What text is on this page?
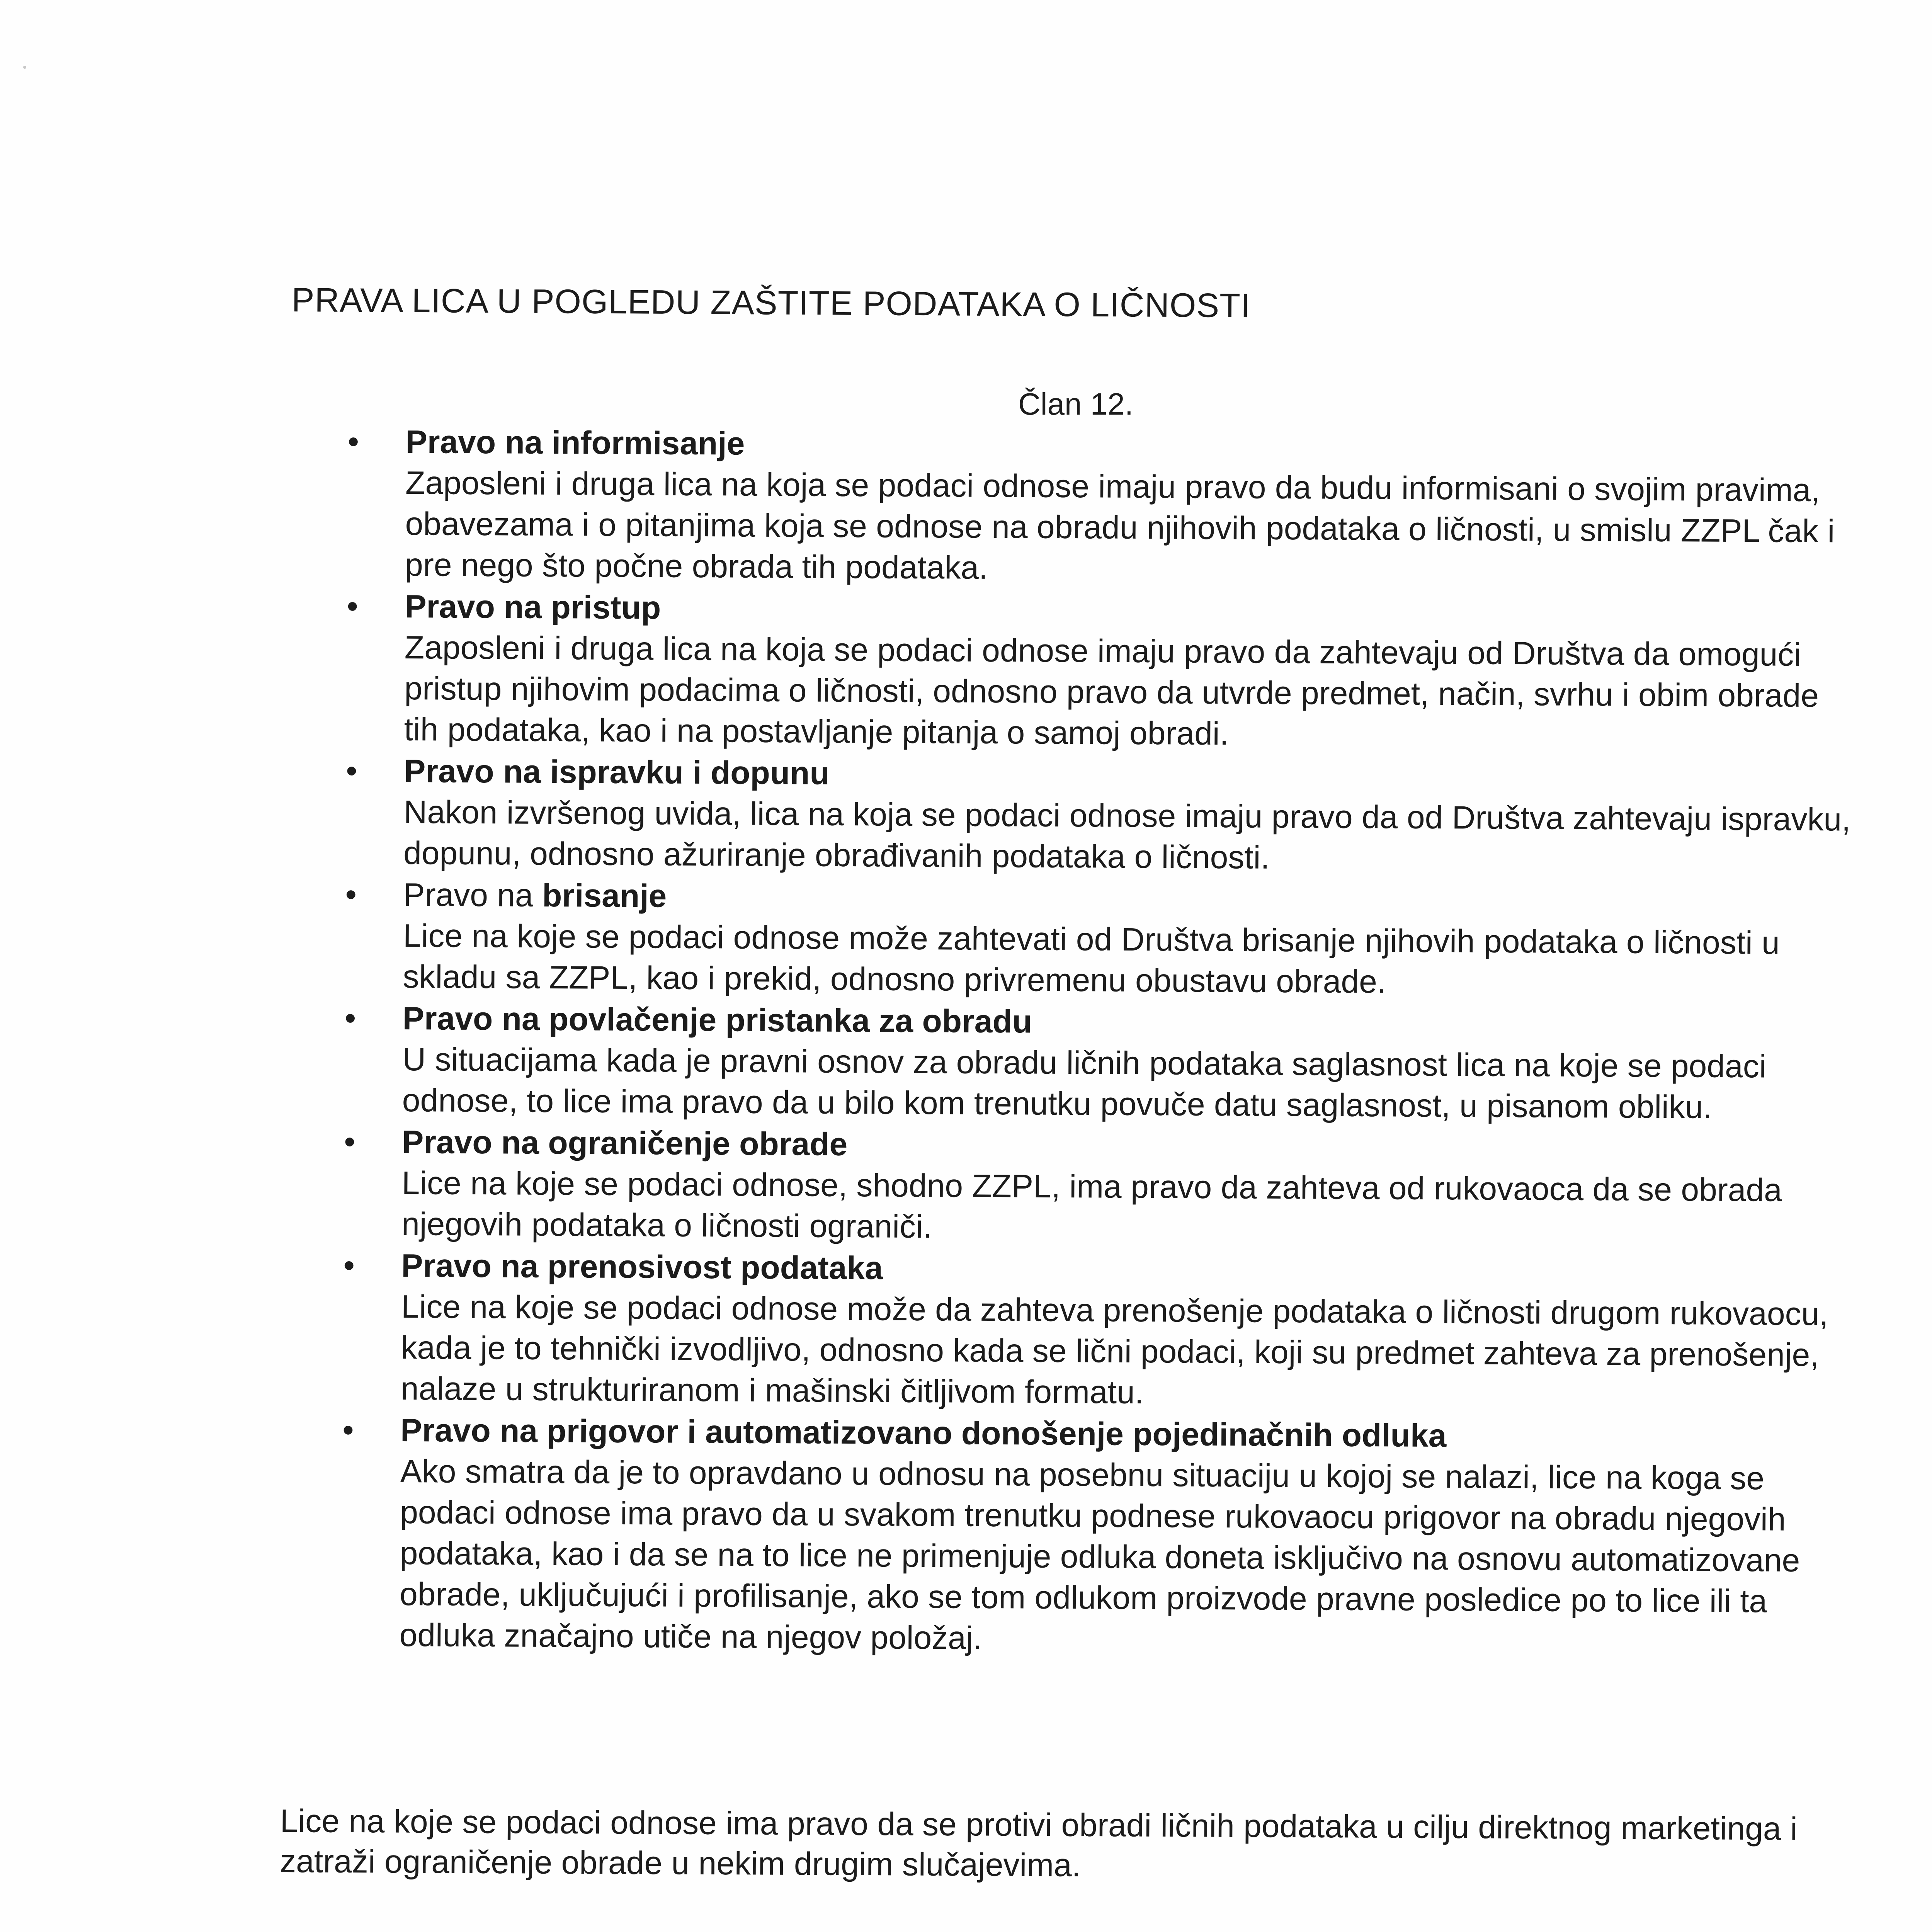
PRAVA LICA U POGLEDU ZAŠTITE PODATAKA O LIČNOSTI
Član 12.
• Pravo na informisanje
Zaposleni i druga lica na koja se podaci odnose imaju pravo da budu informisani o svojim pravima, obavezama i o pitanjima koja se odnose na obradu njihovih podataka o ličnosti, u smislu ZZPL čak i pre nego što počne obrada tih podataka.
• Pravo na pristup
Zaposleni i druga lica na koja se podaci odnose imaju pravo da zahtevaju od Društva da omogući pristup njihovim podacima o ličnosti, odnosno pravo da utvrde predmet, način, svrhu i obim obrade tih podataka, kao i na postavljanje pitanja o samoj obradi.
• Pravo na ispravku i dopunu
Nakon izvršenog uvida, lica na koja se podaci odnose imaju pravo da od Društva zahtevaju ispravku, dopunu, odnosno ažuriranje obrađivanih podataka o ličnosti.
• Pravo na brisanje
Lice na koje se podaci odnose može zahtevati od Društva brisanje njihovih podataka o ličnosti u skladu sa ZZPL, kao i prekid, odnosno privremenu obustavu obrade.
• Pravo na povlačenje pristanka za obradu
U situacijama kada je pravni osnov za obradu ličnih podataka saglasnost lica na koje se podaci odnose, to lice ima pravo da u bilo kom trenutku povuče datu saglasnost, u pisanom obliku.
• Pravo na ograničenje obrade
Lice na koje se podaci odnose, shodno ZZPL, ima pravo da zahteva od rukovaoca da se obrada njegovih podataka o ličnosti ograniči.
• Pravo na prenosivost podataka
Lice na koje se podaci odnose može da zahteva prenošenje podataka o ličnosti drugom rukovaocu, kada je to tehnički izvodljivo, odnosno kada se lični podaci, koji su predmet zahteva za prenošenje, nalaze u strukturiranom i mašinski čitljivom formatu.
• Pravo na prigovor i automatizovano donošenje pojedinačnih odluka
Ako smatra da je to opravdano u odnosu na posebnu situaciju u kojoj se nalazi, lice na koga se podaci odnose ima pravo da u svakom trenutku podnese rukovaocu prigovor na obradu njegovih podataka, kao i da se na to lice ne primenjuje odluka doneta isključivo na osnovu automatizovane obrade, uključujući i profilisanje, ako se tom odlukom proizvode pravne posledice po to lice ili ta odluka značajno utiče na njegov položaj.

Lice na koje se podaci odnose ima pravo da se protivi obradi ličnih podataka u cilju direktnog marketinga i zatraži ograničenje obrade u nekim drugim slučajevima.
